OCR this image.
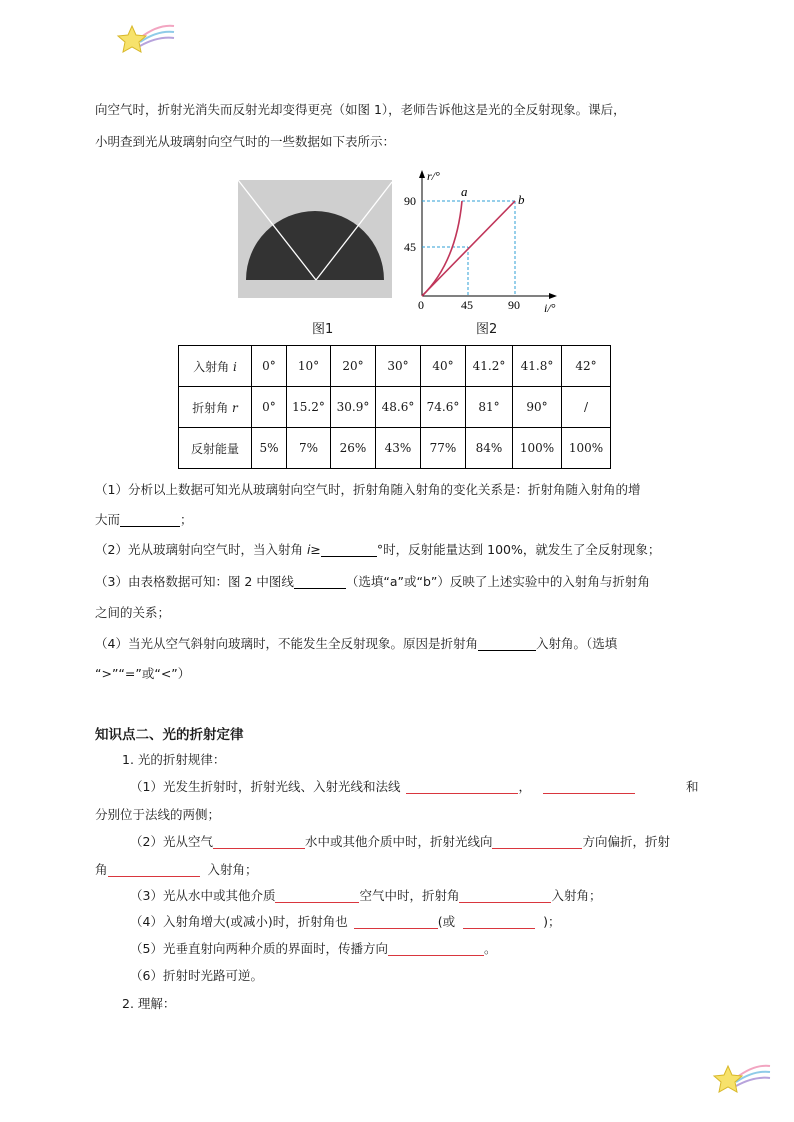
向空气时，折射光消失而反射光却变得更亮（如图 1），老师告诉他这是光的全反射现象。课后，
小明查到光从玻璃射向空气时的一些数据如下表所示：
r/°
i/°
a
b
90
45
0	45	90
图1	图2
入射角 i	0°	10°	20°	30°	40°	41.2°	41.8°	42°
折射角 r	0°	15.2°	30.9°	48.6°	74.6°	81°	90°	/
反射能量	5%	7%	26%	43%	77%	84%	100%	100%
（1）分析以上数据可知光从玻璃射向空气时，折射角随入射角的变化关系是：折射角随入射角的增
大而	；
（2）光从玻璃射向空气时，当入射角 i≥	°时，反射能量达到 100%，就发生了全反射现象；
（3）由表格数据可知：图 2 中图线	（选填“a”或“b”）反映了上述实验中的入射角与折射角
之间的关系；
（4）当光从空气斜射向玻璃时，不能发生全反射现象。原因是折射角	入射角。（选填
“>”“=”或“<”）
知识点二、光的折射定律
1. 光的折射规律：
（1）光发生折射时，折射光线、入射光线和法线	，	和
分别位于法线的两侧；
（2）光从空气	水中或其他介质中时，折射光线向	方向偏折，折射
角	入射角；
（3）光从水中或其他介质	空气中时，折射角	入射角；
（4）入射角增大(或减小)时，折射角也	(或	)；
（5）光垂直射向两种介质的界面时，传播方向	。
（6）折射时光路可逆。
2. 理解：
